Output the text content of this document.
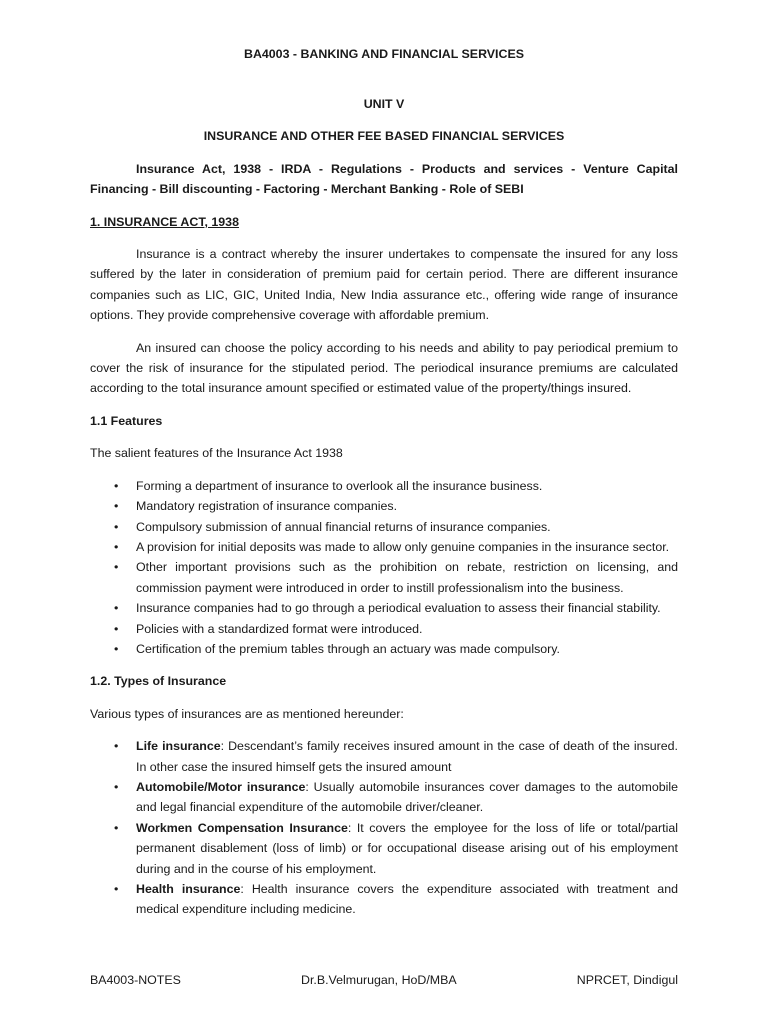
BA4003 - BANKING AND FINANCIAL SERVICES
UNIT V
INSURANCE AND OTHER FEE BASED FINANCIAL SERVICES
Insurance Act, 1938 - IRDA - Regulations - Products and services - Venture Capital Financing - Bill discounting - Factoring - Merchant Banking - Role of SEBI
1. INSURANCE ACT, 1938

Insurance is a contract whereby the insurer undertakes to compensate the insured for any loss suffered by the later in consideration of premium paid for certain period. There are different insurance companies such as LIC, GIC, United India, New India assurance etc., offering wide range of insurance options. They provide comprehensive coverage with affordable premium.

An insured can choose the policy according to his needs and ability to pay periodical premium to cover the risk of insurance for the stipulated period. The periodical insurance premiums are calculated according to the total insurance amount specified or estimated value of the property/things insured.

1.1 Features

The salient features of the Insurance Act 1938

• Forming a department of insurance to overlook all the insurance business.
• Mandatory registration of insurance companies.
• Compulsory submission of annual financial returns of insurance companies.
• A provision for initial deposits was made to allow only genuine companies in the insurance sector.
• Other important provisions such as the prohibition on rebate, restriction on licensing, and commission payment were introduced in order to instill professionalism into the business.
• Insurance companies had to go through a periodical evaluation to assess their financial stability.
• Policies with a standardized format were introduced.
• Certification of the premium tables through an actuary was made compulsory.
1.2. Types of Insurance

Various types of insurances are as mentioned hereunder:

• Life insurance: Descendant’s family receives insured amount in the case of death of the insured. In other case the insured himself gets the insured amount
• Automobile/Motor insurance: Usually automobile insurances cover damages to the automobile and legal financial expenditure of the automobile driver/cleaner.
• Workmen Compensation Insurance: It covers the employee for the loss of life or total/partial permanent disablement (loss of limb) or for occupational disease arising out of his employment during and in the course of his employment.
• Health insurance: Health insurance covers the expenditure associated with treatment and medical expenditure including medicine.
BA4003-NOTES	Dr.B.Velmurugan, HoD/MBA	NPRCET, Dindigul
